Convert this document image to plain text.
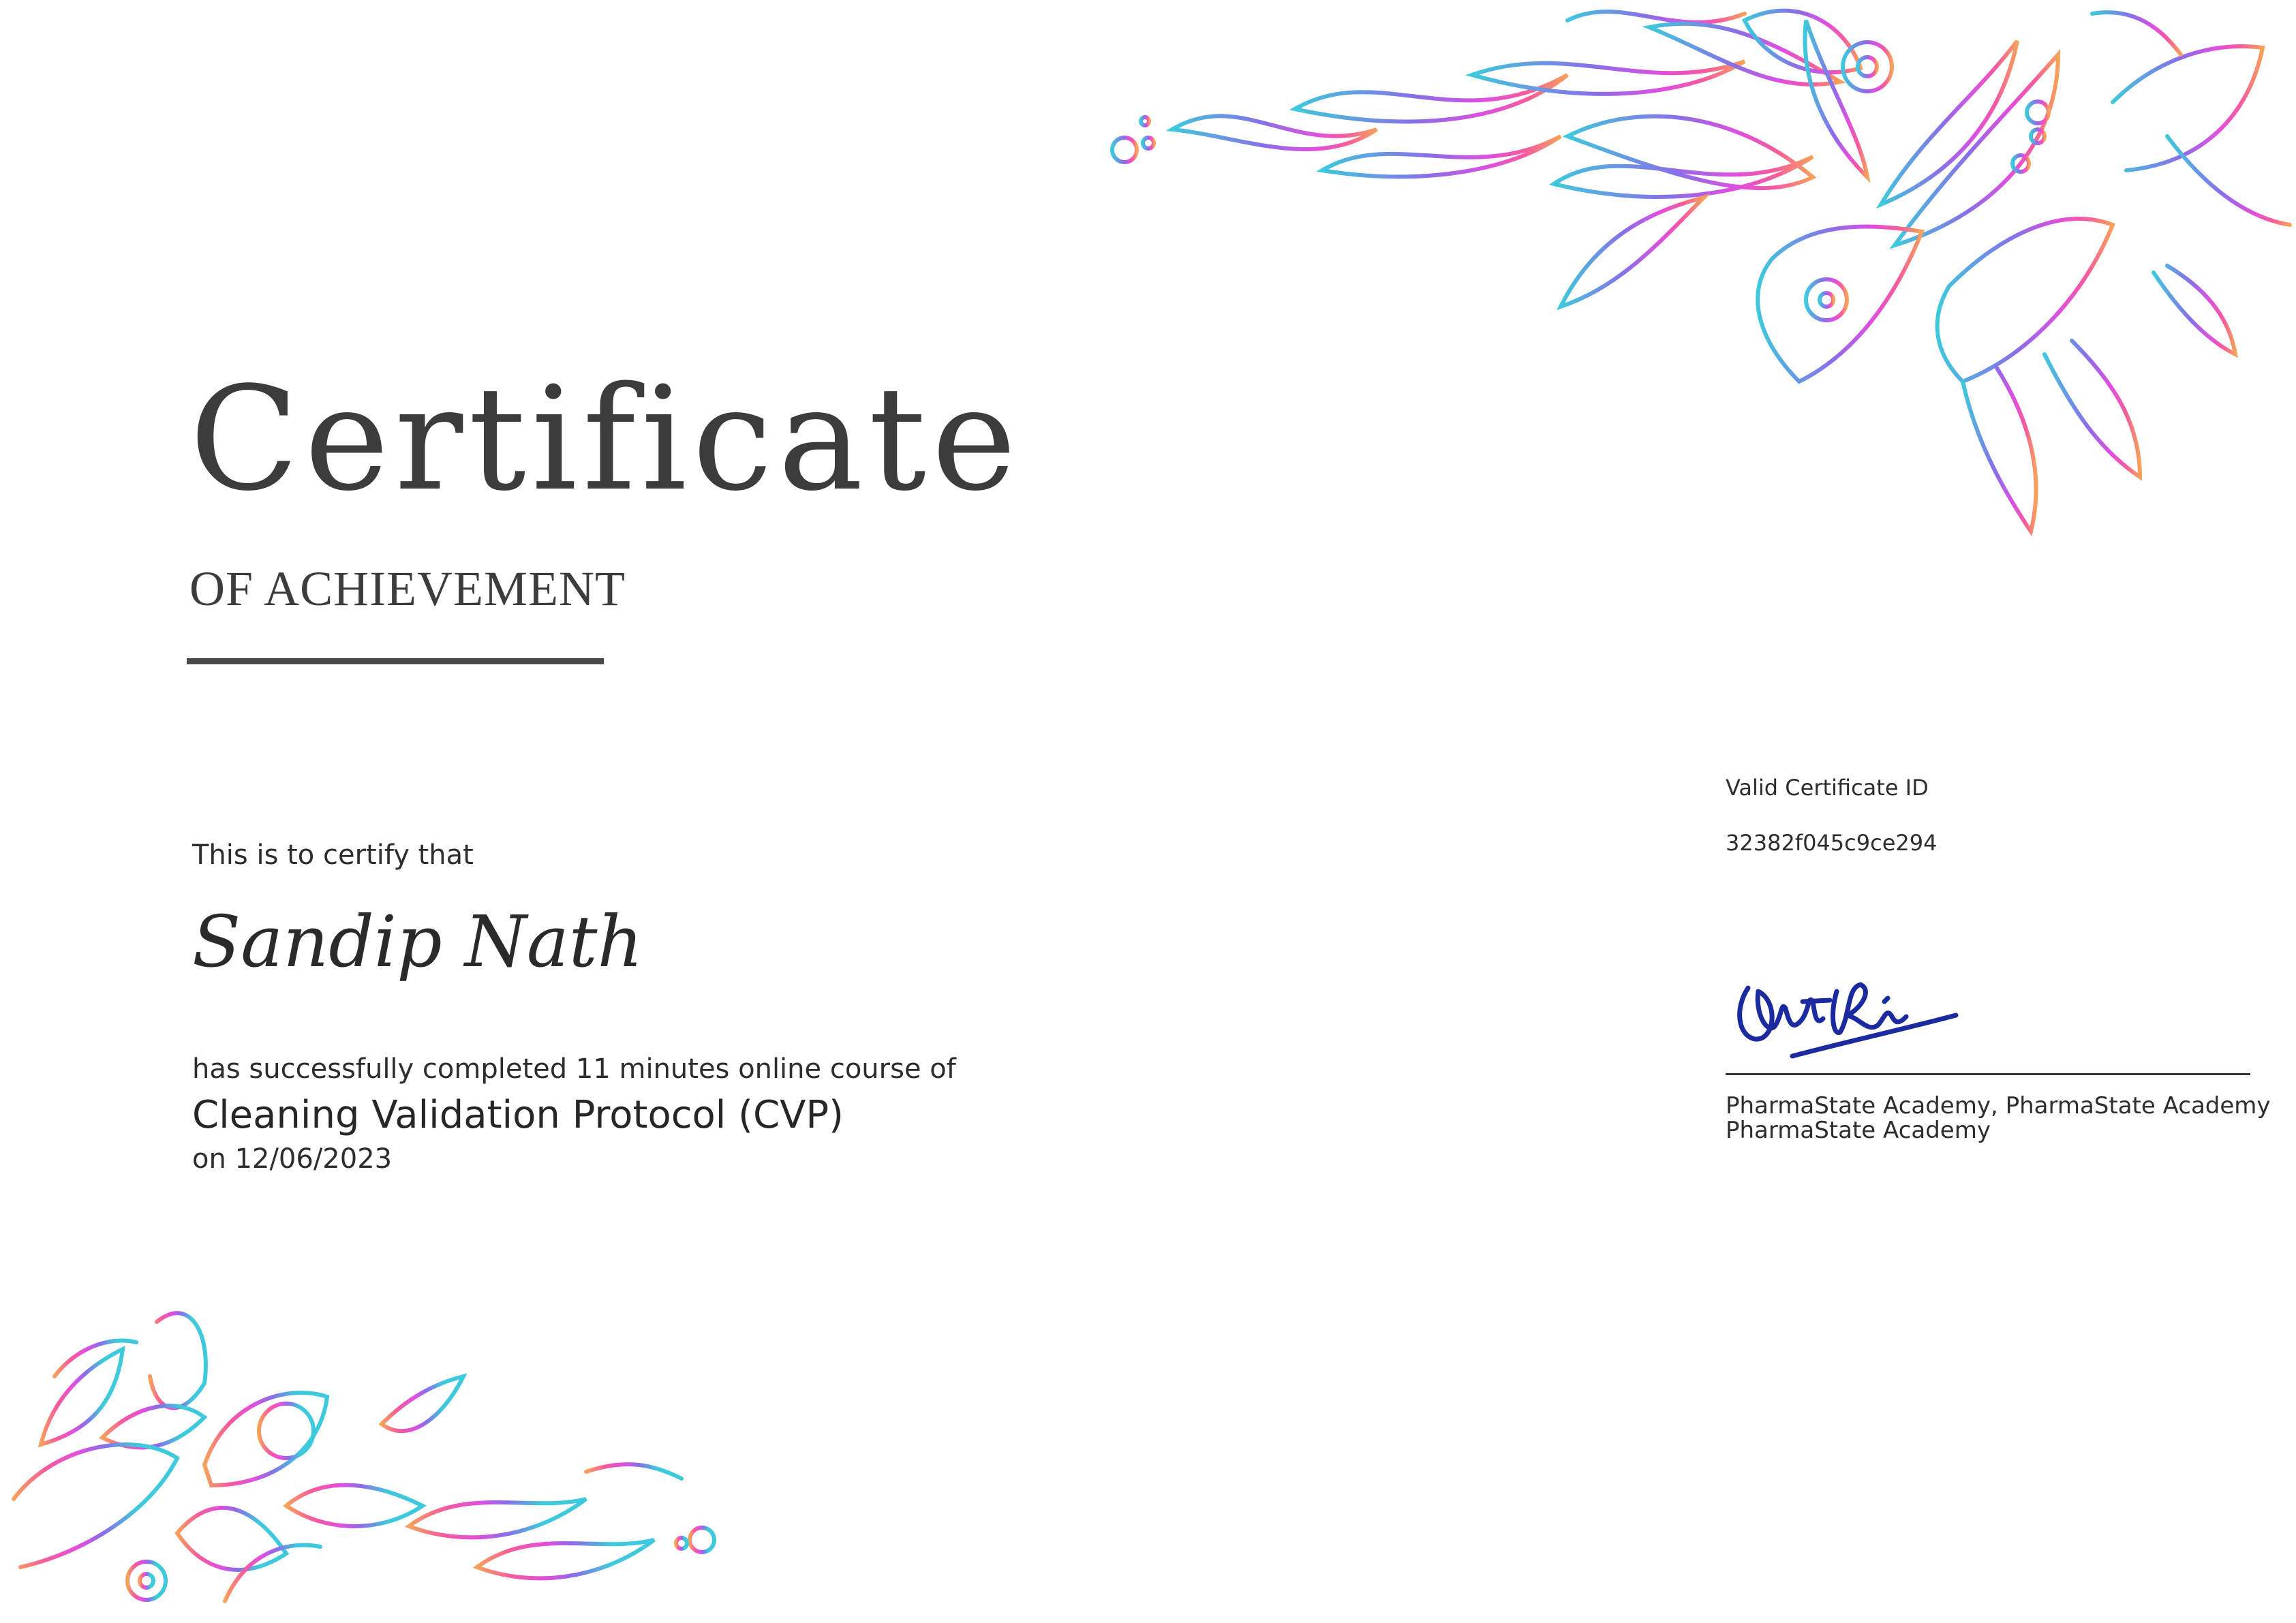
Certificate
OF ACHIEVEMENT
This is to certify that
Sandip Nath
has successfully completed 11 minutes online course of
Cleaning Validation Protocol (CVP)
on 12/06/2023
Valid Certificate ID
32382f045c9ce294
PharmaState Academy, PharmaState Academy
PharmaState Academy
